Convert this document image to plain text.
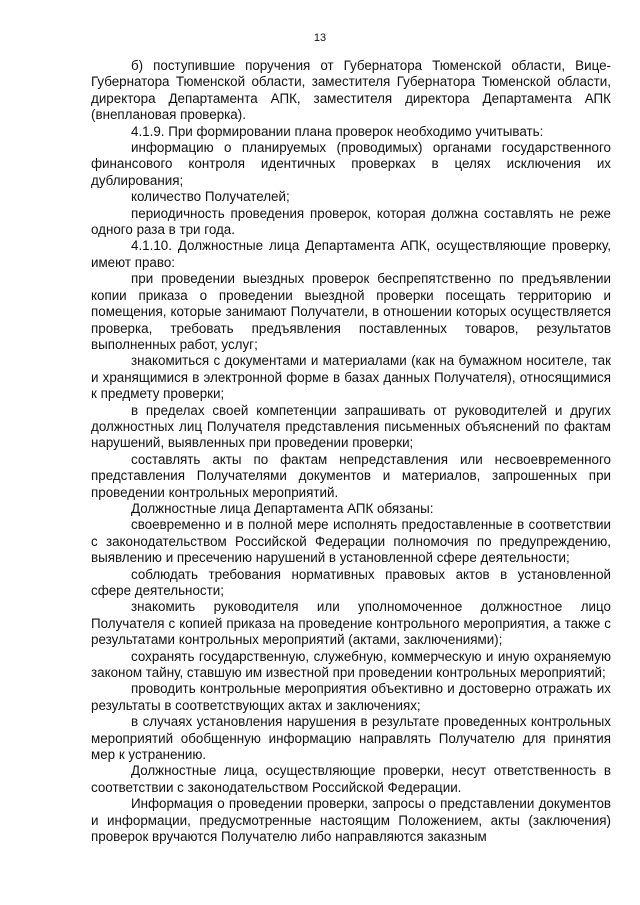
13

б) поступившие поручения от Губернатора Тюменской области, Вице-Губернатора Тюменской области, заместителя Губернатора Тюменской области, директора Департамента АПК, заместителя директора Департамента АПК (внеплановая проверка).

4.1.9. При формировании плана проверок необходимо учитывать:

информацию о планируемых (проводимых) органами государственного финансового контроля идентичных проверках в целях исключения их дублирования;

количество Получателей;

периодичность проведения проверок, которая должна составлять не реже одного раза в три года.

4.1.10. Должностные лица Департамента АПК, осуществляющие проверку, имеют право:

при проведении выездных проверок беспрепятственно по предъявлении копии приказа о проведении выездной проверки посещать территорию и помещения, которые занимают Получатели, в отношении которых осуществляется проверка, требовать предъявления поставленных товаров, результатов выполненных работ, услуг;

знакомиться с документами и материалами (как на бумажном носителе, так и хранящимися в электронной форме в базах данных Получателя), относящимися к предмету проверки;

в пределах своей компетенции запрашивать от руководителей и других должностных лиц Получателя представления письменных объяснений по фактам нарушений, выявленных при проведении проверки;

составлять акты по фактам непредставления или несвоевременного представления Получателями документов и материалов, запрошенных при проведении контрольных мероприятий.

Должностные лица Департамента АПК обязаны:

своевременно и в полной мере исполнять предоставленные в соответствии с законодательством Российской Федерации полномочия по предупреждению, выявлению и пресечению нарушений в установленной сфере деятельности;

соблюдать требования нормативных правовых актов в установленной сфере деятельности;

знакомить руководителя или уполномоченное должностное лицо Получателя с копией приказа на проведение контрольного мероприятия, а также с результатами контрольных мероприятий (актами, заключениями);

сохранять государственную, служебную, коммерческую и иную охраняемую законом тайну, ставшую им известной при проведении контрольных мероприятий;

проводить контрольные мероприятия объективно и достоверно отражать их результаты в соответствующих актах и заключениях;

в случаях установления нарушения в результате проведенных контрольных мероприятий обобщенную информацию направлять Получателю для принятия мер к устранению.

Должностные лица, осуществляющие проверки, несут ответственность в соответствии с законодательством Российской Федерации.

Информация о проведении проверки, запросы о представлении документов и информации, предусмотренные настоящим Положением, акты (заключения) проверок вручаются Получателю либо направляются заказным
